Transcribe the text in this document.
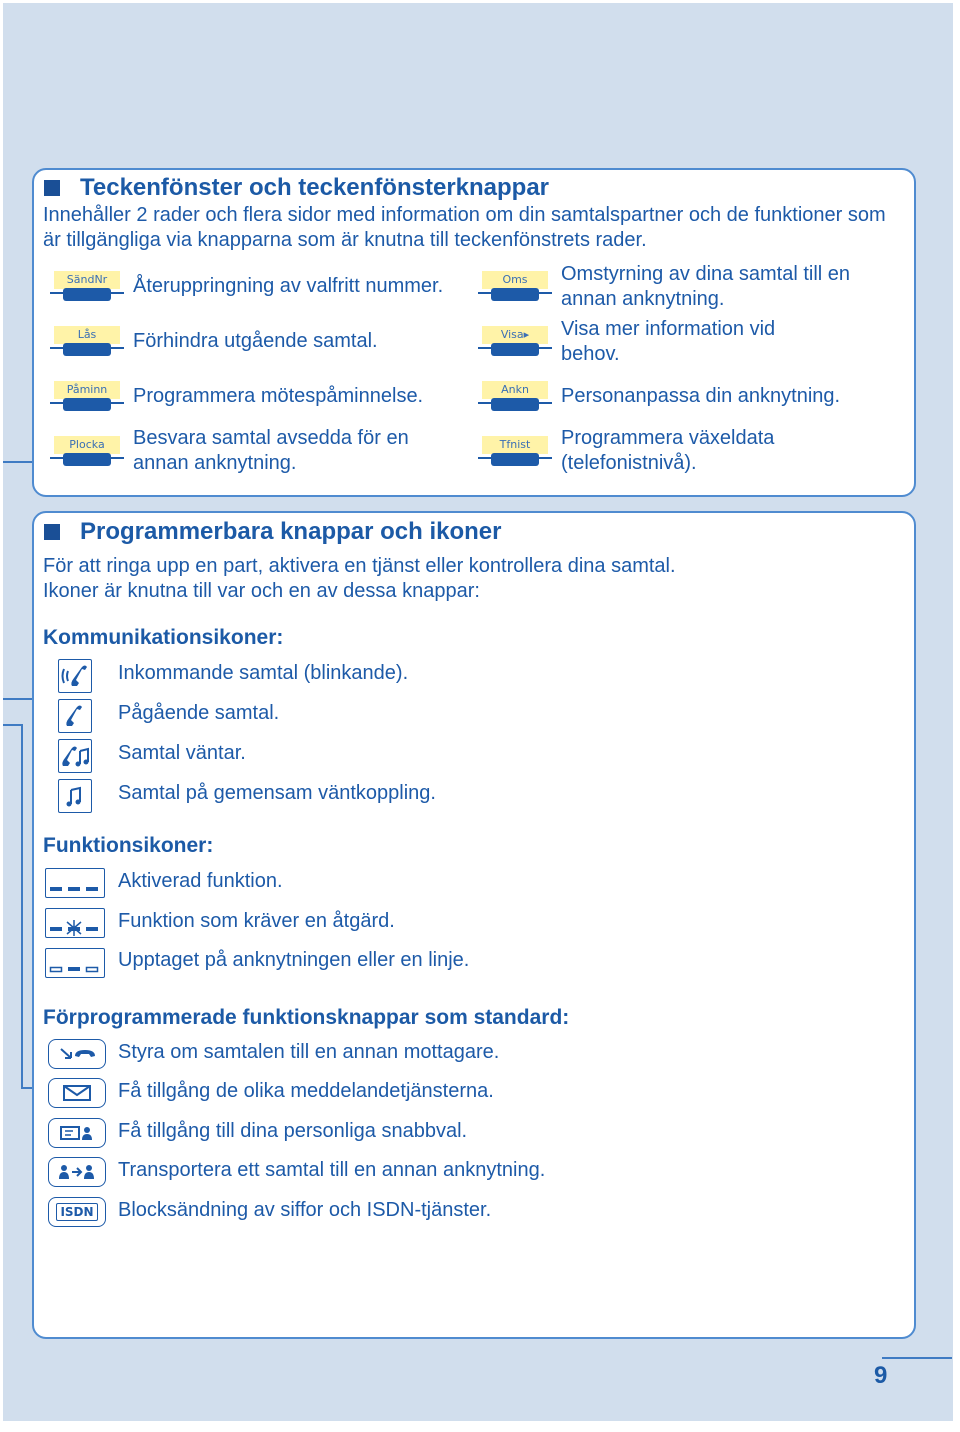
Teckenfönster och teckenfönsterknappar
Innehåller 2 rader och flera sidor med information om din samtalspartner och de funktioner som är tillgängliga via knapparna som är knutna till teckenfönstrets rader.
SändNr	Återuppringning av valfritt nummer.
Lås	Förhindra utgående samtal.
Påminn	Programmera mötespåminnelse.
Plocka	Besvara samtal avsedda för en annan anknytning.
Oms	Omstyrning av dina samtal till en annan anknytning.
Visa▸	Visa mer information vid behov.
Ankn	Personanpassa din anknytning.
Tfnist	Programmera växeldata (telefonistnivå).
Programmerbara knappar och ikoner
För att ringa upp en part, aktivera en tjänst eller kontrollera dina samtal.
Ikoner är knutna till var och en av dessa knappar:
Kommunikationsikoner:
Inkommande samtal (blinkande).
Pågående samtal.
Samtal väntar.
Samtal på gemensam väntkoppling.
Funktionsikoner:
Aktiverad funktion.
Funktion som kräver en åtgärd.
Upptaget på anknytningen eller en linje.
Förprogrammerade funktionsknappar som standard:
Styra om samtalen till en annan mottagare.
Få tillgång de olika meddelandetjänsterna.
Få tillgång till dina personliga snabbval.
Transportera ett samtal till en annan anknytning.
ISDN Blocksändning av siffor och ISDN-tjänster.
9
